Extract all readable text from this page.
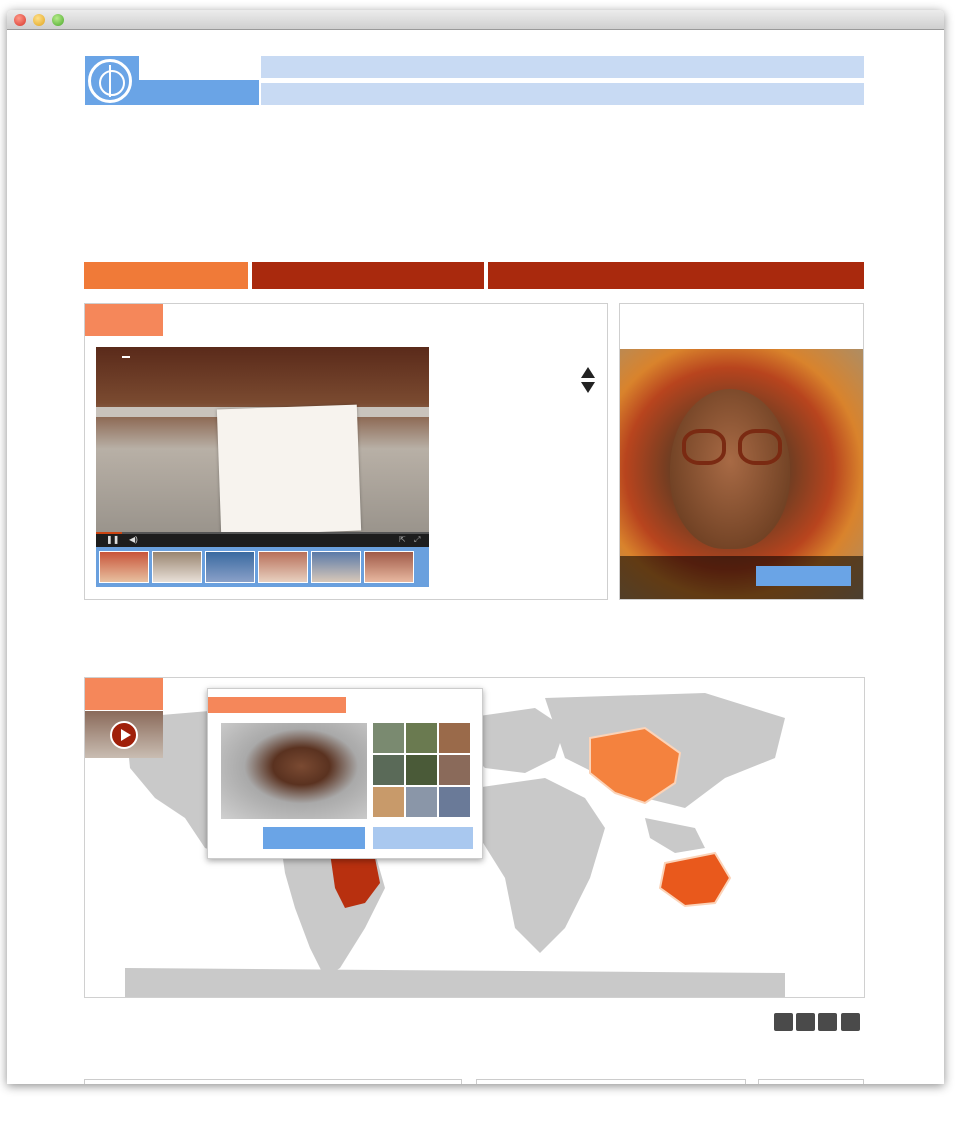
❚❚ ◀)	⇱ ⤢
